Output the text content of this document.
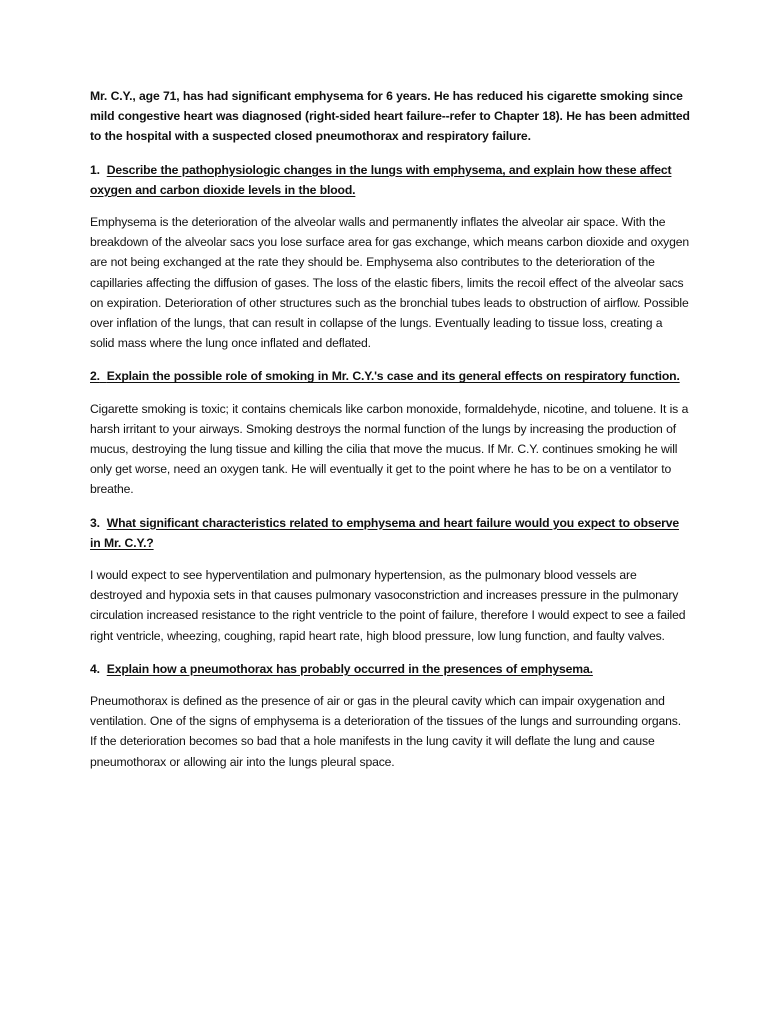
Mr. C.Y., age 71, has had significant emphysema for 6 years. He has reduced his cigarette smoking since mild congestive heart was diagnosed (right-sided heart failure--refer to Chapter 18). He has been admitted to the hospital with a suspected closed pneumothorax and respiratory failure.

1. Describe the pathophysiologic changes in the lungs with emphysema, and explain how these affect oxygen and carbon dioxide levels in the blood.

Emphysema is the deterioration of the alveolar walls and permanently inflates the alveolar air space. With the breakdown of the alveolar sacs you lose surface area for gas exchange, which means carbon dioxide and oxygen are not being exchanged at the rate they should be. Emphysema also contributes to the deterioration of the capillaries affecting the diffusion of gases. The loss of the elastic fibers, limits the recoil effect of the alveolar sacs on expiration. Deterioration of other structures such as the bronchial tubes leads to obstruction of airflow. Possible over inflation of the lungs, that can result in collapse of the lungs. Eventually leading to tissue loss, creating a solid mass where the lung once inflated and deflated.

2. Explain the possible role of smoking in Mr. C.Y.'s case and its general effects on respiratory function.

Cigarette smoking is toxic; it contains chemicals like carbon monoxide, formaldehyde, nicotine, and toluene. It is a harsh irritant to your airways. Smoking destroys the normal function of the lungs by increasing the production of mucus, destroying the lung tissue and killing the cilia that move the mucus. If Mr. C.Y. continues smoking he will only get worse, need an oxygen tank. He will eventually it get to the point where he has to be on a ventilator to breathe.

3. What significant characteristics related to emphysema and heart failure would you expect to observe in Mr. C.Y.?

I would expect to see hyperventilation and pulmonary hypertension, as the pulmonary blood vessels are destroyed and hypoxia sets in that causes pulmonary vasoconstriction and increases pressure in the pulmonary circulation increased resistance to the right ventricle to the point of failure, therefore I would expect to see a failed right ventricle, wheezing, coughing, rapid heart rate, high blood pressure, low lung function, and faulty valves.

4. Explain how a pneumothorax has probably occurred in the presences of emphysema.

Pneumothorax is defined as the presence of air or gas in the pleural cavity which can impair oxygenation and ventilation. One of the signs of emphysema is a deterioration of the tissues of the lungs and surrounding organs. If the deterioration becomes so bad that a hole manifests in the lung cavity it will deflate the lung and cause pneumothorax or allowing air into the lungs pleural space.
